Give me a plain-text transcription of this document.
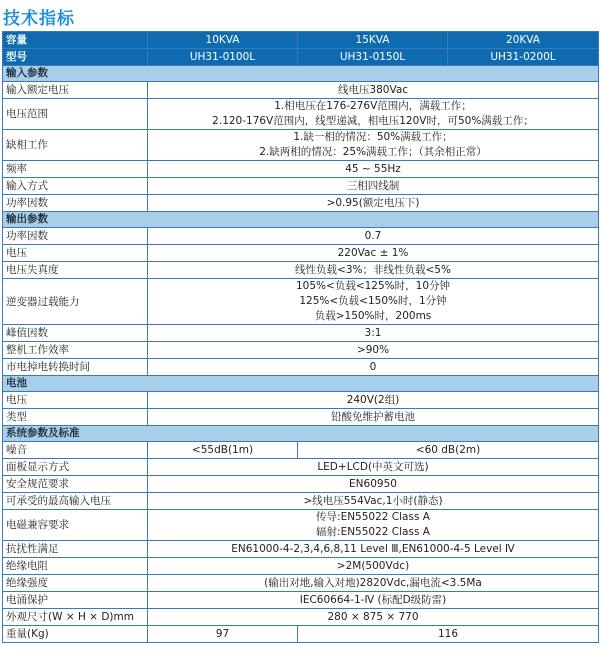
技术指标
容量	10KVA	15KVA	20KVA
型号	UH31-0100L	UH31-0150L	UH31-0200L
输入参数			
输入额定电压	线电压380Vac		
电压范围	1.相电压在176-276V范围内，满载工作；
2.120-176V范围内，线型递减，相电压120V时，可50%满载工作；		

缺相工作	1.缺一相的情况：50%满载工作；
2.缺两相的情况：25%满载工作；（其余相正常）		

频率	45 ~ 55Hz		
输入方式	三相四线制		
功率因数	>0.95(额定电压下)		
输出参数			
功率因数	0.7		
电压	220Vac ± 1%		
电压失真度	线性负载<3%；非线性负载<5%		
逆变器过载能力	105%<负载<125%时，10分钟
125%<负载<150%时，1分钟
负载>150%时，200ms		

峰值因数	3:1		
整机工作效率	>90%		
市电掉电转换时间	0		
电池			
电压	240V(2组)		
类型	铅酸免维护蓄电池		
系统参数及标准			
噪音	<55dB(1m)	<60 dB(2m)	
面板显示方式	LED+LCD(中英文可选)		
安全规范要求	EN60950		
可承受的最高输入电压	>线电压554Vac,1小时(静态)		
电磁兼容要求	传导:EN55022 Class A
辐射:EN55022 Class A		

抗扰性满足	EN61000-4-2,3,4,6,8,11 Level Ⅲ,EN61000-4-5 Level Ⅳ		
绝缘电阻	>2M(500Vdc)		
绝缘强度	(输出对地,输入对地)2820Vdc,漏电流<3.5Ma		
电涌保护	IEC60664-1-Ⅳ (标配D级防雷)		
外观尺寸(W × H × D)mm	280 × 875 × 770		
重量(Kg)	97	116	
